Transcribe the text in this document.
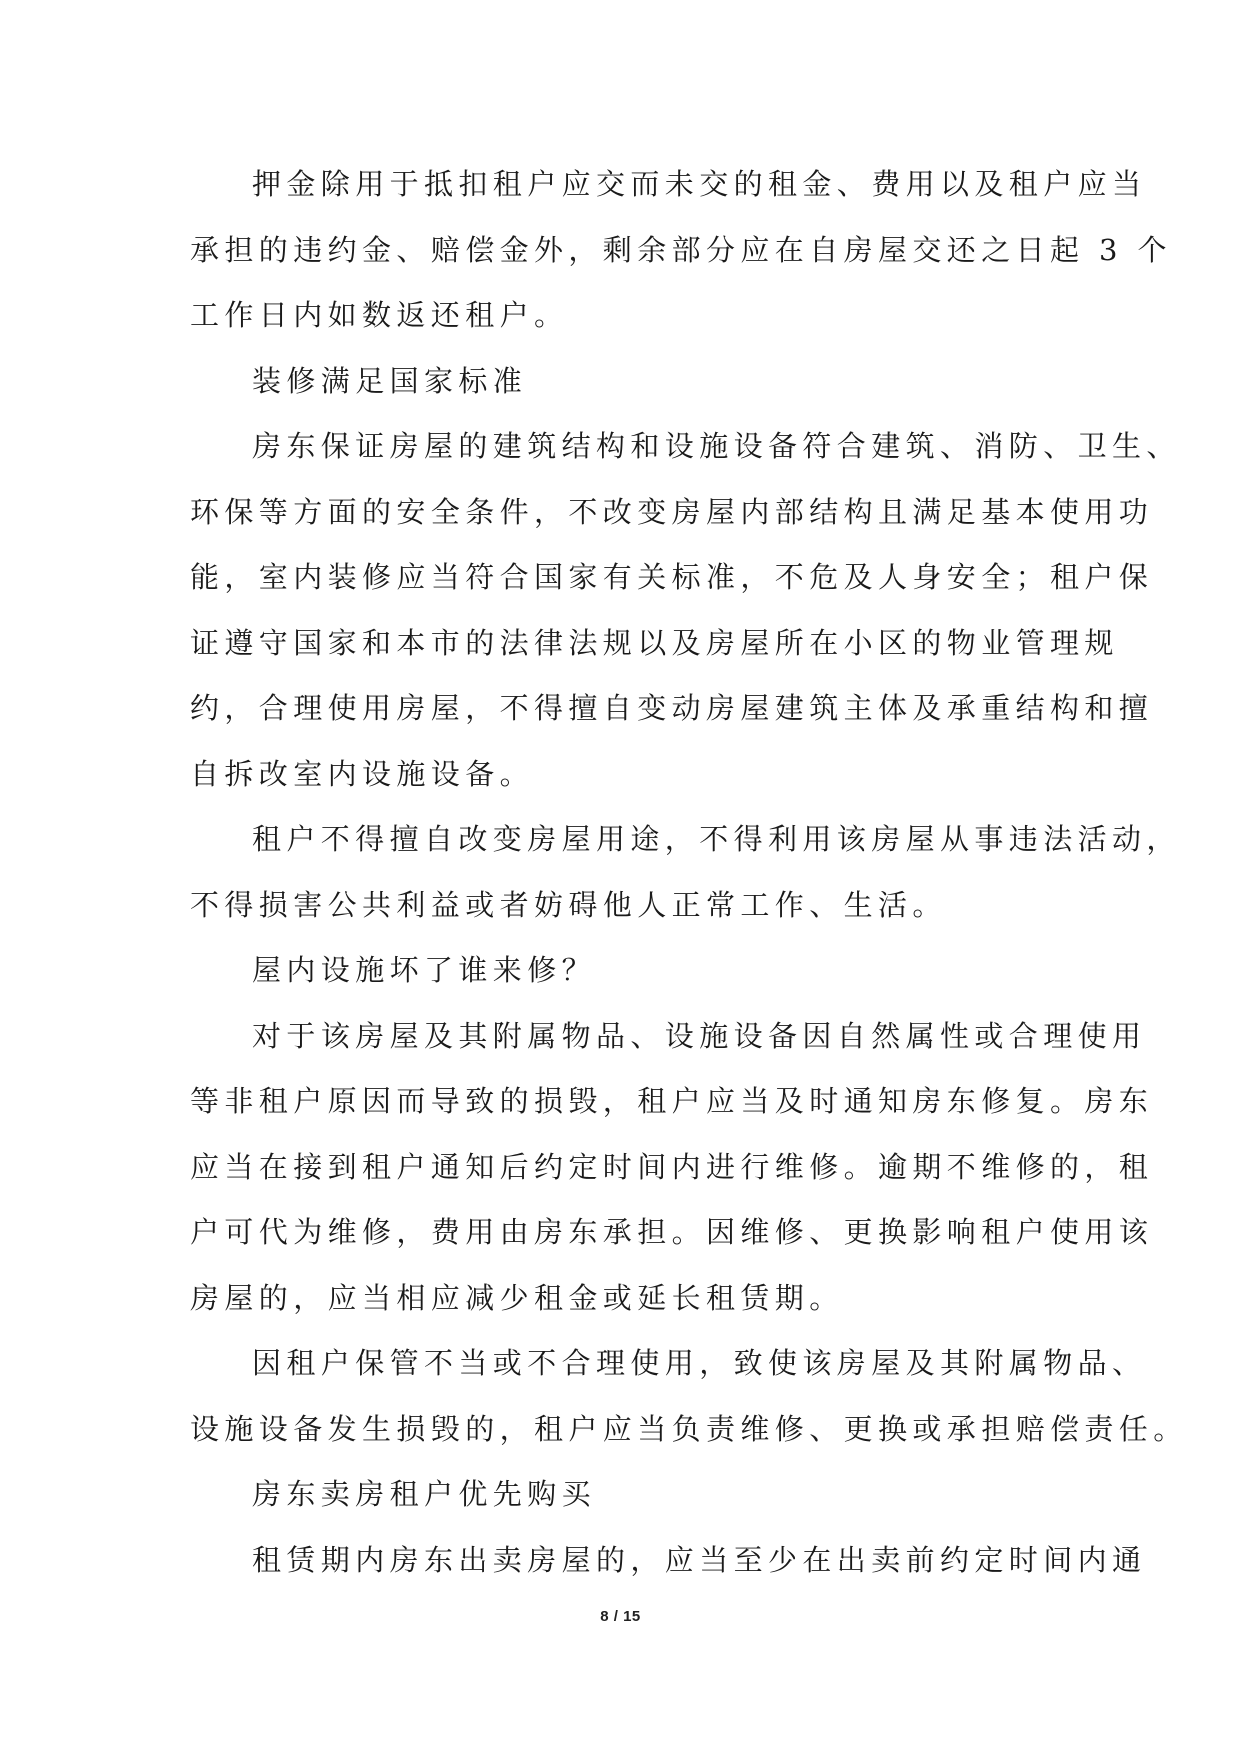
押金除用于抵扣租户应交而未交的租金、费用以及租户应当
承担的违约金、赔偿金外，剩余部分应在自房屋交还之日起 3 个
工作日内如数返还租户。
装修满足国家标准
房东保证房屋的建筑结构和设施设备符合建筑、消防、卫生、
环保等方面的安全条件，不改变房屋内部结构且满足基本使用功
能，室内装修应当符合国家有关标准，不危及人身安全；租户保
证遵守国家和本市的法律法规以及房屋所在小区的物业管理规
约，合理使用房屋，不得擅自变动房屋建筑主体及承重结构和擅
自拆改室内设施设备。
租户不得擅自改变房屋用途，不得利用该房屋从事违法活动，
不得损害公共利益或者妨碍他人正常工作、生活。
屋内设施坏了谁来修？
对于该房屋及其附属物品、设施设备因自然属性或合理使用
等非租户原因而导致的损毁，租户应当及时通知房东修复。房东
应当在接到租户通知后约定时间内进行维修。逾期不维修的，租
户可代为维修，费用由房东承担。因维修、更换影响租户使用该
房屋的，应当相应减少租金或延长租赁期。
因租户保管不当或不合理使用，致使该房屋及其附属物品、
设施设备发生损毁的，租户应当负责维修、更换或承担赔偿责任。
房东卖房租户优先购买
租赁期内房东出卖房屋的，应当至少在出卖前约定时间内通
8 / 15
